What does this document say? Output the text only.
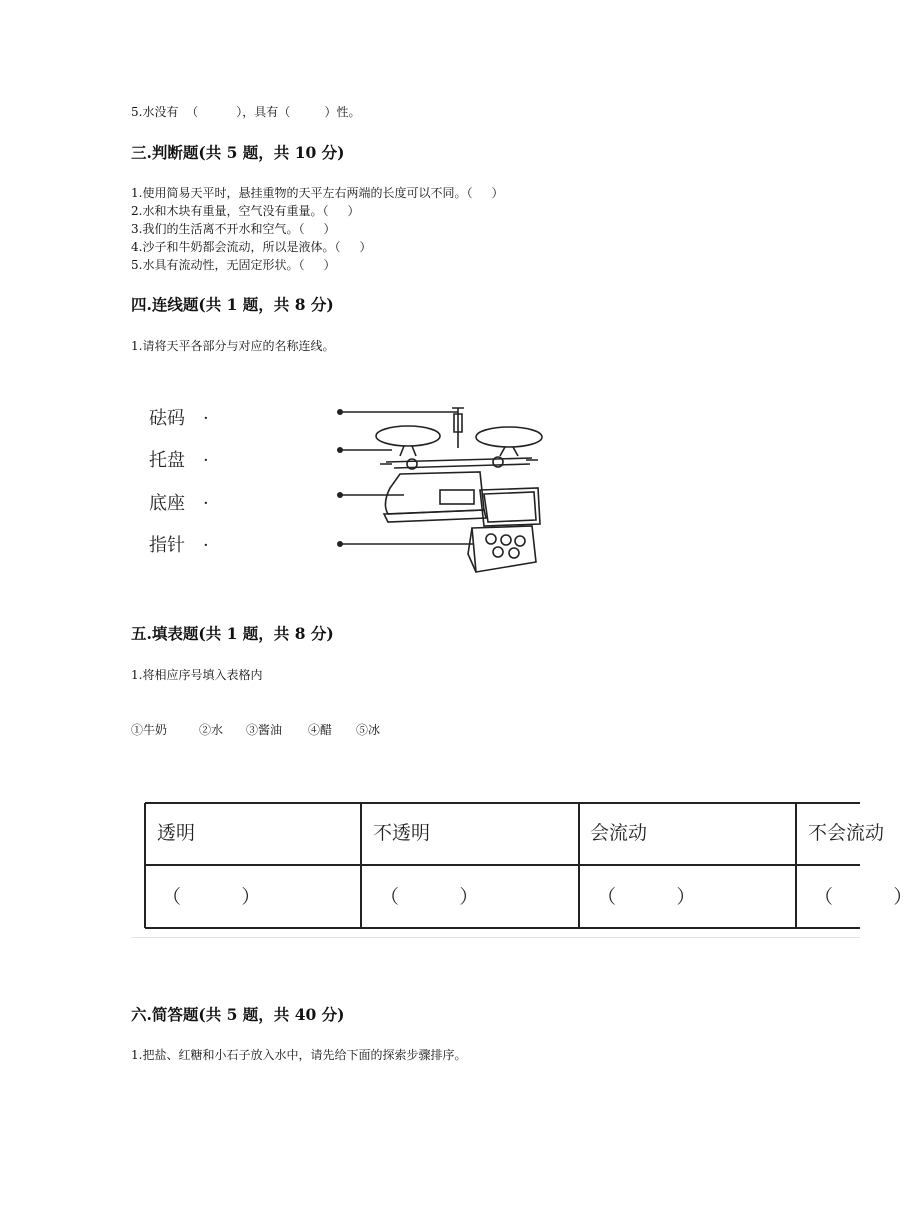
5.水没有  （          ），具有（         ）性。
三.判断题(共 5 题，共 10 分)
1.使用简易天平时，悬挂重物的天平左右两端的长度可以不同。（     ）
2.水和木块有重量，空气没有重量。（     ）
3.我们的生活离不开水和空气。（     ）
4.沙子和牛奶都会流动，所以是液体。（     ）
5.水具有流动性，无固定形状。（     ）
四.连线题(共 1 题，共 8 分)
1.请将天平各部分与对应的名称连线。
砝码
托盘
底座
指针
·
·
·
·
五.填表题(共 1 题，共 8 分)
1.将相应序号填入表格内
①牛奶	②水 ③酱油 ④醋 ⑤冰
透明	不透明	会流动	不会流动
（          ）	（          ）	（          ）	（          ）
六.简答题(共 5 题，共 40 分)
1.把盐、红糖和小石子放入水中，请先给下面的探索步骤排序。
